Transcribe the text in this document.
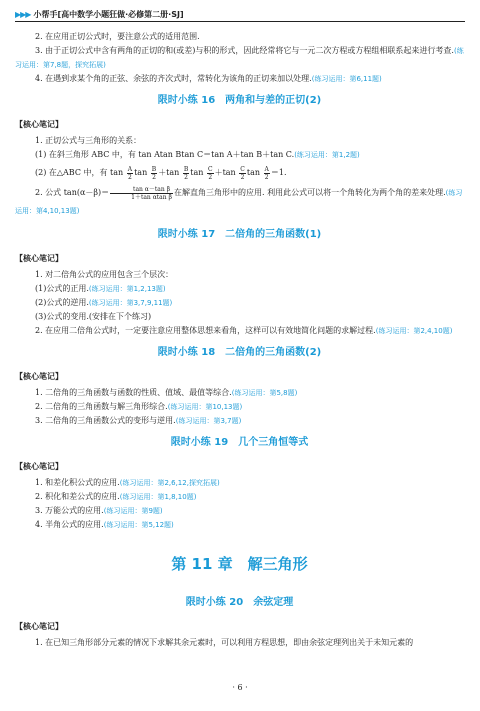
▶▶▶ 小帮手[高中数学小题狂做·必修第二册·SJ]

2. 在应用正切公式时，要注意公式的适用范围.

3. 由于正切公式中含有两角的正切的和(或差)与积的形式，因此经常将它与一元二次方程或方程组相联系起来进行考查.(练习运用：第7,8题，探究拓展)

4. 在遇到求某个角的正弦、余弦的齐次式时，常转化为该角的正切来加以处理.(练习运用：第6,11题)

限时小练 16　两角和与差的正切(2)

【核心笔记】

1. 正切公式与三角形的关系：

(1) 在斜三角形 ABC 中，有 tan Atan Btan C＝tan A＋tan B＋tan C.(练习运用：第1,2题)

(2) 在△ABC 中，有 $\tan \frac{A}{2}$ $\tan \frac{B}{2} +\tan \frac{B}{2}$ $\tan \frac{C}{2} +\tan \frac{C}{2}$ $\tan \frac{A}{2} =1$.

2. 公式 $\tan(\alpha-\beta)= \frac{\text{tan α－tan β}}{\text{1＋tan αtan β}}$ 在解直角三角形中的应用. 利用此公式可以将一个角转化为两个角的差来处理.(练习运用：第4,10,13题)

限时小练 17　二倍角的三角函数(1)

【核心笔记】

1. 对二倍角公式的应用包含三个层次：

(1)公式的正用.(练习运用：第1,2,13题)

(2)公式的逆用.(练习运用：第3,7,9,11题)

(3)公式的变用.(安排在下个练习)

2. 在应用二倍角公式时，一定要注意应用整体思想来看角，这样可以有效地简化问题的求解过程.(练习运用：第2,4,10题)

限时小练 18　二倍角的三角函数(2)

【核心笔记】

1. 二倍角的三角函数与函数的性质、值域、最值等综合.(练习运用：第5,8题)

2. 二倍角的三角函数与解三角形综合.(练习运用：第10,13题)

3. 二倍角的三角函数公式的变形与逆用.(练习运用：第3,7题)

限时小练 19　几个三角恒等式

【核心笔记】

1. 和差化积公式的应用.(练习运用：第2,6,12,探究拓展)

2. 积化和差公式的应用.(练习运用：第1,8,10题)

3. 万能公式的应用.(练习运用：第9题)

4. 半角公式的应用.(练习运用：第5,12题)

第 11 章　解三角形
限时小练 20　余弦定理

【核心笔记】

1. 在已知三角形部分元素的情况下求解其余元素时，可以利用方程思想，即由余弦定理列出关于未知元素的

· 6 ·
